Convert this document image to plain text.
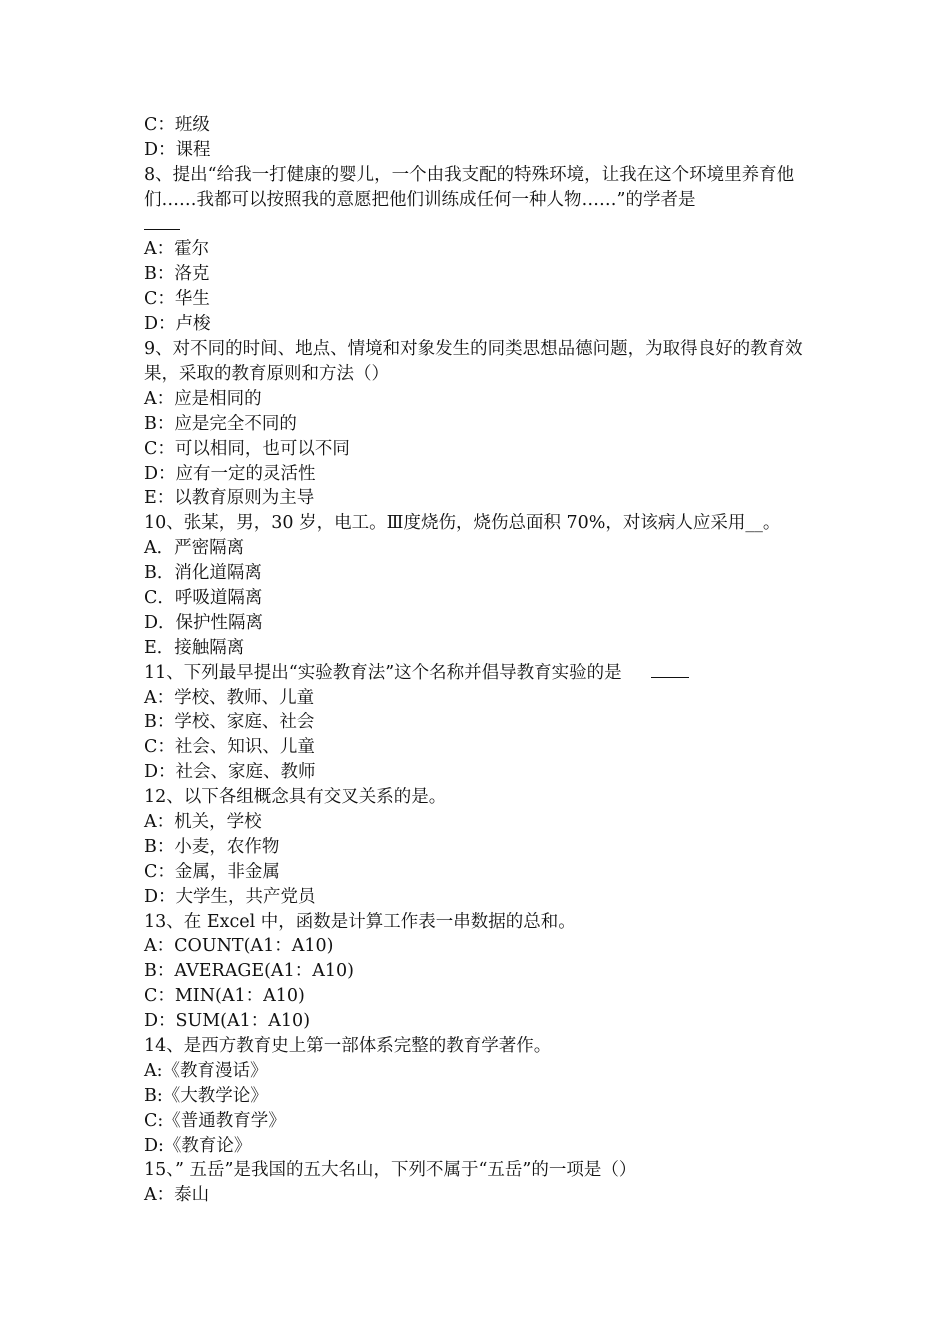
C：班级
D：课程
8、提出“给我一打健康的婴儿，一个由我支配的特殊环境，让我在这个环境里养育他们……我都可以按照我的意愿把他们训练成任何一种人物……”的学者是
A：霍尔
B：洛克
C：华生
D：卢梭
9、对不同的时间、地点、情境和对象发生的同类思想品德问题，为取得良好的教育效果，采取的教育原则和方法（）
A：应是相同的
B：应是完全不同的
C：可以相同，也可以不同
D：应有一定的灵活性
E：以教育原则为主导
10、张某，男，30 岁，电工。Ⅲ度烧伤，烧伤总面积 70%，对该病人应采用__。
A．严密隔离
B．消化道隔离
C．呼吸道隔离
D．保护性隔离
E．接触隔离
11、下列最早提出“实验教育法”这个名称并倡导教育实验的是
A：学校、教师、儿童
B：学校、家庭、社会
C：社会、知识、儿童
D：社会、家庭、教师
12、以下各组概念具有交叉关系的是。
A：机关，学校
B：小麦，农作物
C：金属，非金属
D：大学生，共产党员
13、在 Excel 中，函数是计算工作表一串数据的总和。
A：COUNT(A1：A10)
B：AVERAGE(A1：A10)
C：MIN(A1：A10)
D：SUM(A1：A10)
14、是西方教育史上第一部体系完整的教育学著作。
A:《教育漫话》
B:《大教学论》
C:《普通教育学》
D:《教育论》
15、” 五岳”是我国的五大名山，下列不属于“五岳”的一项是（）
A：泰山
